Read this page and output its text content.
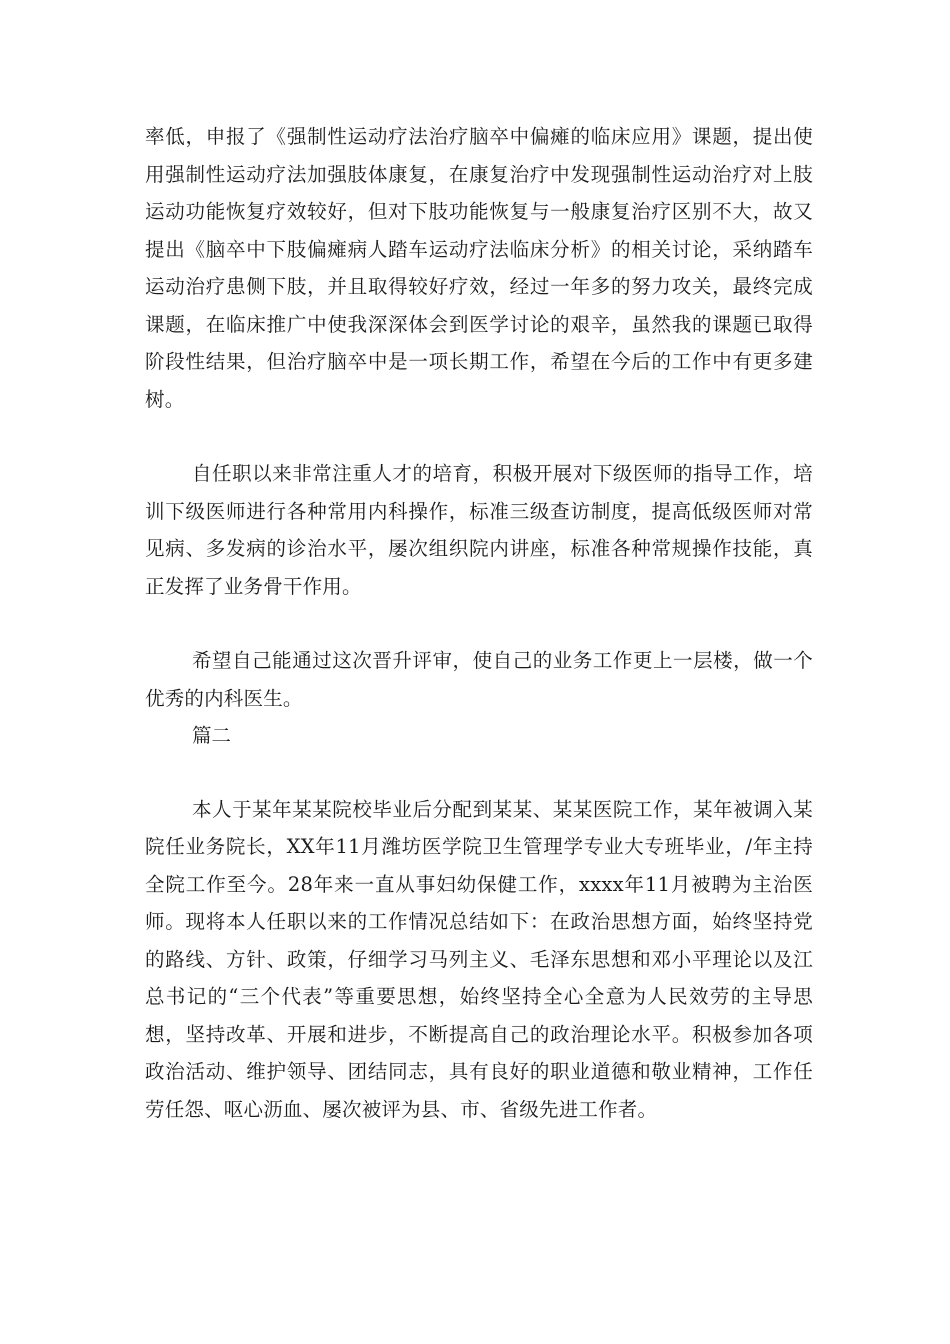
率低，申报了《强制性运动疗法治疗脑卒中偏瘫的临床应用》课题，提出使用强制性运动疗法加强肢体康复，在康复治疗中发现强制性运动治疗对上肢运动功能恢复疗效较好，但对下肢功能恢复与一般康复治疗区别不大，故又提出《脑卒中下肢偏瘫病人踏车运动疗法临床分析》的相关讨论，采纳踏车运动治疗患侧下肢，并且取得较好疗效，经过一年多的努力攻关，最终完成课题，在临床推广中使我深深体会到医学讨论的艰辛，虽然我的课题已取得阶段性结果，但治疗脑卒中是一项长期工作，希望在今后的工作中有更多建树。

自任职以来非常注重人才的培育，积极开展对下级医师的指导工作，培训下级医师进行各种常用内科操作，标准三级查访制度，提高低级医师对常见病、多发病的诊治水平，屡次组织院内讲座，标准各种常规操作技能，真正发挥了业务骨干作用。

希望自己能通过这次晋升评审，使自己的业务工作更上一层楼，做一个优秀的内科医生。

篇二

本人于某年某某院校毕业后分配到某某、某某医院工作，某年被调入某院任业务院长，XX年11月潍坊医学院卫生管理学专业大专班毕业，/年主持全院工作至今。28年来一直从事妇幼保健工作，xxxx年11月被聘为主治医师。现将本人任职以来的工作情况总结如下：在政治思想方面，始终坚持党的路线、方针、政策，仔细学习马列主义、毛泽东思想和邓小平理论以及江总书记的“三个代表”等重要思想，始终坚持全心全意为人民效劳的主导思想，坚持改革、开展和进步，不断提高自己的政治理论水平。积极参加各项政治活动、维护领导、团结同志，具有良好的职业道德和敬业精神，工作任劳任怨、呕心沥血、屡次被评为县、市、省级先进工作者。
